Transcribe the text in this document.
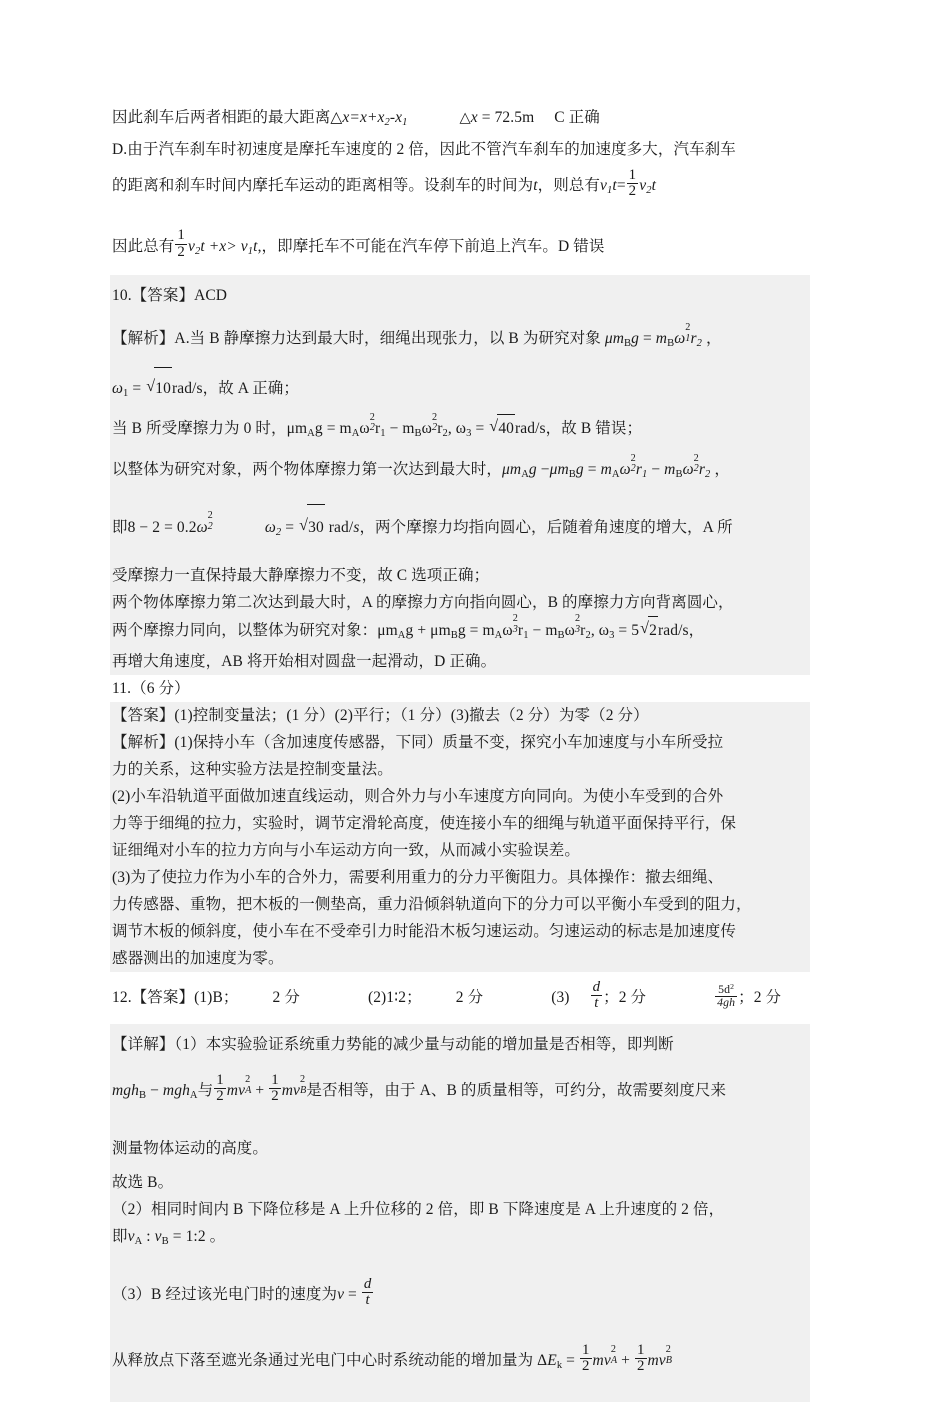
因此刹车后两者相距的最大距离$\triangle x=x+x_2-x_1$	△x = 72.5m C 正确
D.由于汽车刹车时初速度是摩托车速度的 2 倍，因此不管汽车刹车的加速度多大，汽车刹车
的距离和刹车时间内摩托车运动的距离相等。设刹车的时间为t，则总有$v_1t= \frac{1}{2} v_2t$
因此总有 $\frac{1}{2} v_2t +x> v_1t$,，即摩托车不可能在汽车停下前追上汽车。D 错误
10.【答案】ACD
【解析】A.当 B 静摩擦力达到最大时，细绳出现张力，以 B 为研究对象 $\mu m_Bg = m_B\omega$
2
1 $r_2$ ，
$\omega_1$ = √ 10rad/s，故 A 正确；
当 B 所受摩擦力为 0 时，$\mu m_Ag = m_A\omega$
2
2 $r_1 - m_B\omega$
2
2 $r_2$, $\omega_3$ = √ 40rad/s，故 B 错误；
以整体为研究对象，两个物体摩擦力第一次达到最大时，$\mu m_Ag -\mu m_Bg = m_A\omega$
2
2 $r_1 - m_B\omega$
2
2 $r_2$ ，
即8 − 2 = 0.2ω
2
2	$\omega_2$ = √ 30 rad/s，两个摩擦力均指向圆心，后随着角速度的增大，A 所
受摩擦力一直保持最大静摩擦力不变，故 C 选项正确；
两个物体摩擦力第二次达到最大时，A 的摩擦力方向指向圆心，B 的摩擦力方向背离圆心，
两个摩擦力同向，以整体为研究对象：$\mu m_Ag + \mu m_Bg = m_A\omega$
2
3 $r_1 - m_B\omega$
2
3 $r_2$, $\omega_3 = 5$ √ 2rad/s，
再增大角速度，AB 将开始相对圆盘一起滑动，D 正确。
11.（6 分）
【答案】(1)控制变量法；(1 分）(2)平行；（1 分）(3)撤去（2 分）为零（2 分）
【解析】(1)保持小车（含加速度传感器，下同）质量不变，探究小车加速度与小车所受拉
力的关系，这种实验方法是控制变量法。
(2)小车沿轨道平面做加速直线运动，则合外力与小车速度方向同向。为使小车受到的合外
力等于细绳的拉力，实验时，调节定滑轮高度，使连接小车的细绳与轨道平面保持平行，保
证细绳对小车的拉力方向与小车运动方向一致，从而减小实验误差。
(3)为了使拉力作为小车的合外力，需要利用重力的分力平衡阻力。具体操作：撤去细绳、
力传感器、重物，把木板的一侧垫高，重力沿倾斜轨道向下的分力可以平衡小车受到的阻力，
调节木板的倾斜度，使小车在不受牵引力时能沿木板匀速运动。匀速运动的标志是加速度传
感器测出的加速度为零。
12.【答案】(1)B； 2 分	(2)1∶2； 2 分	$(3) \frac{d}{t}$ ；2 分	$\frac{5d^2}{4gh}$ ；2 分
【详解】（1）本实验验证系统重力势能的减少量与动能的增加量是否相等，即判断
mgh$_B$ − mgh$_A$与 $\frac{1}{2}$ mv
2
$A + \frac{1}{2}$ mv
2
B 是否相等，由于 A、B 的质量相等，可约分，故需要刻度尺来
测量物体运动的高度。
故选 B。
（2）相同时间内 B 下降位移是 A 上升位移的 2 倍，即 B 下降速度是 A 上升速度的 2 倍，
即$v_A$ : $v_B$ = 1:2 。
（3）B 经过该光电门时的速度为$v = \frac{d}{t}$
从释放点下落至遮光条通过光电门中心时系统动能的增加量为 $\Delta E_k = \frac{1}{2}$ mv
2
$A + \frac{1}{2}$ mv
2
B
